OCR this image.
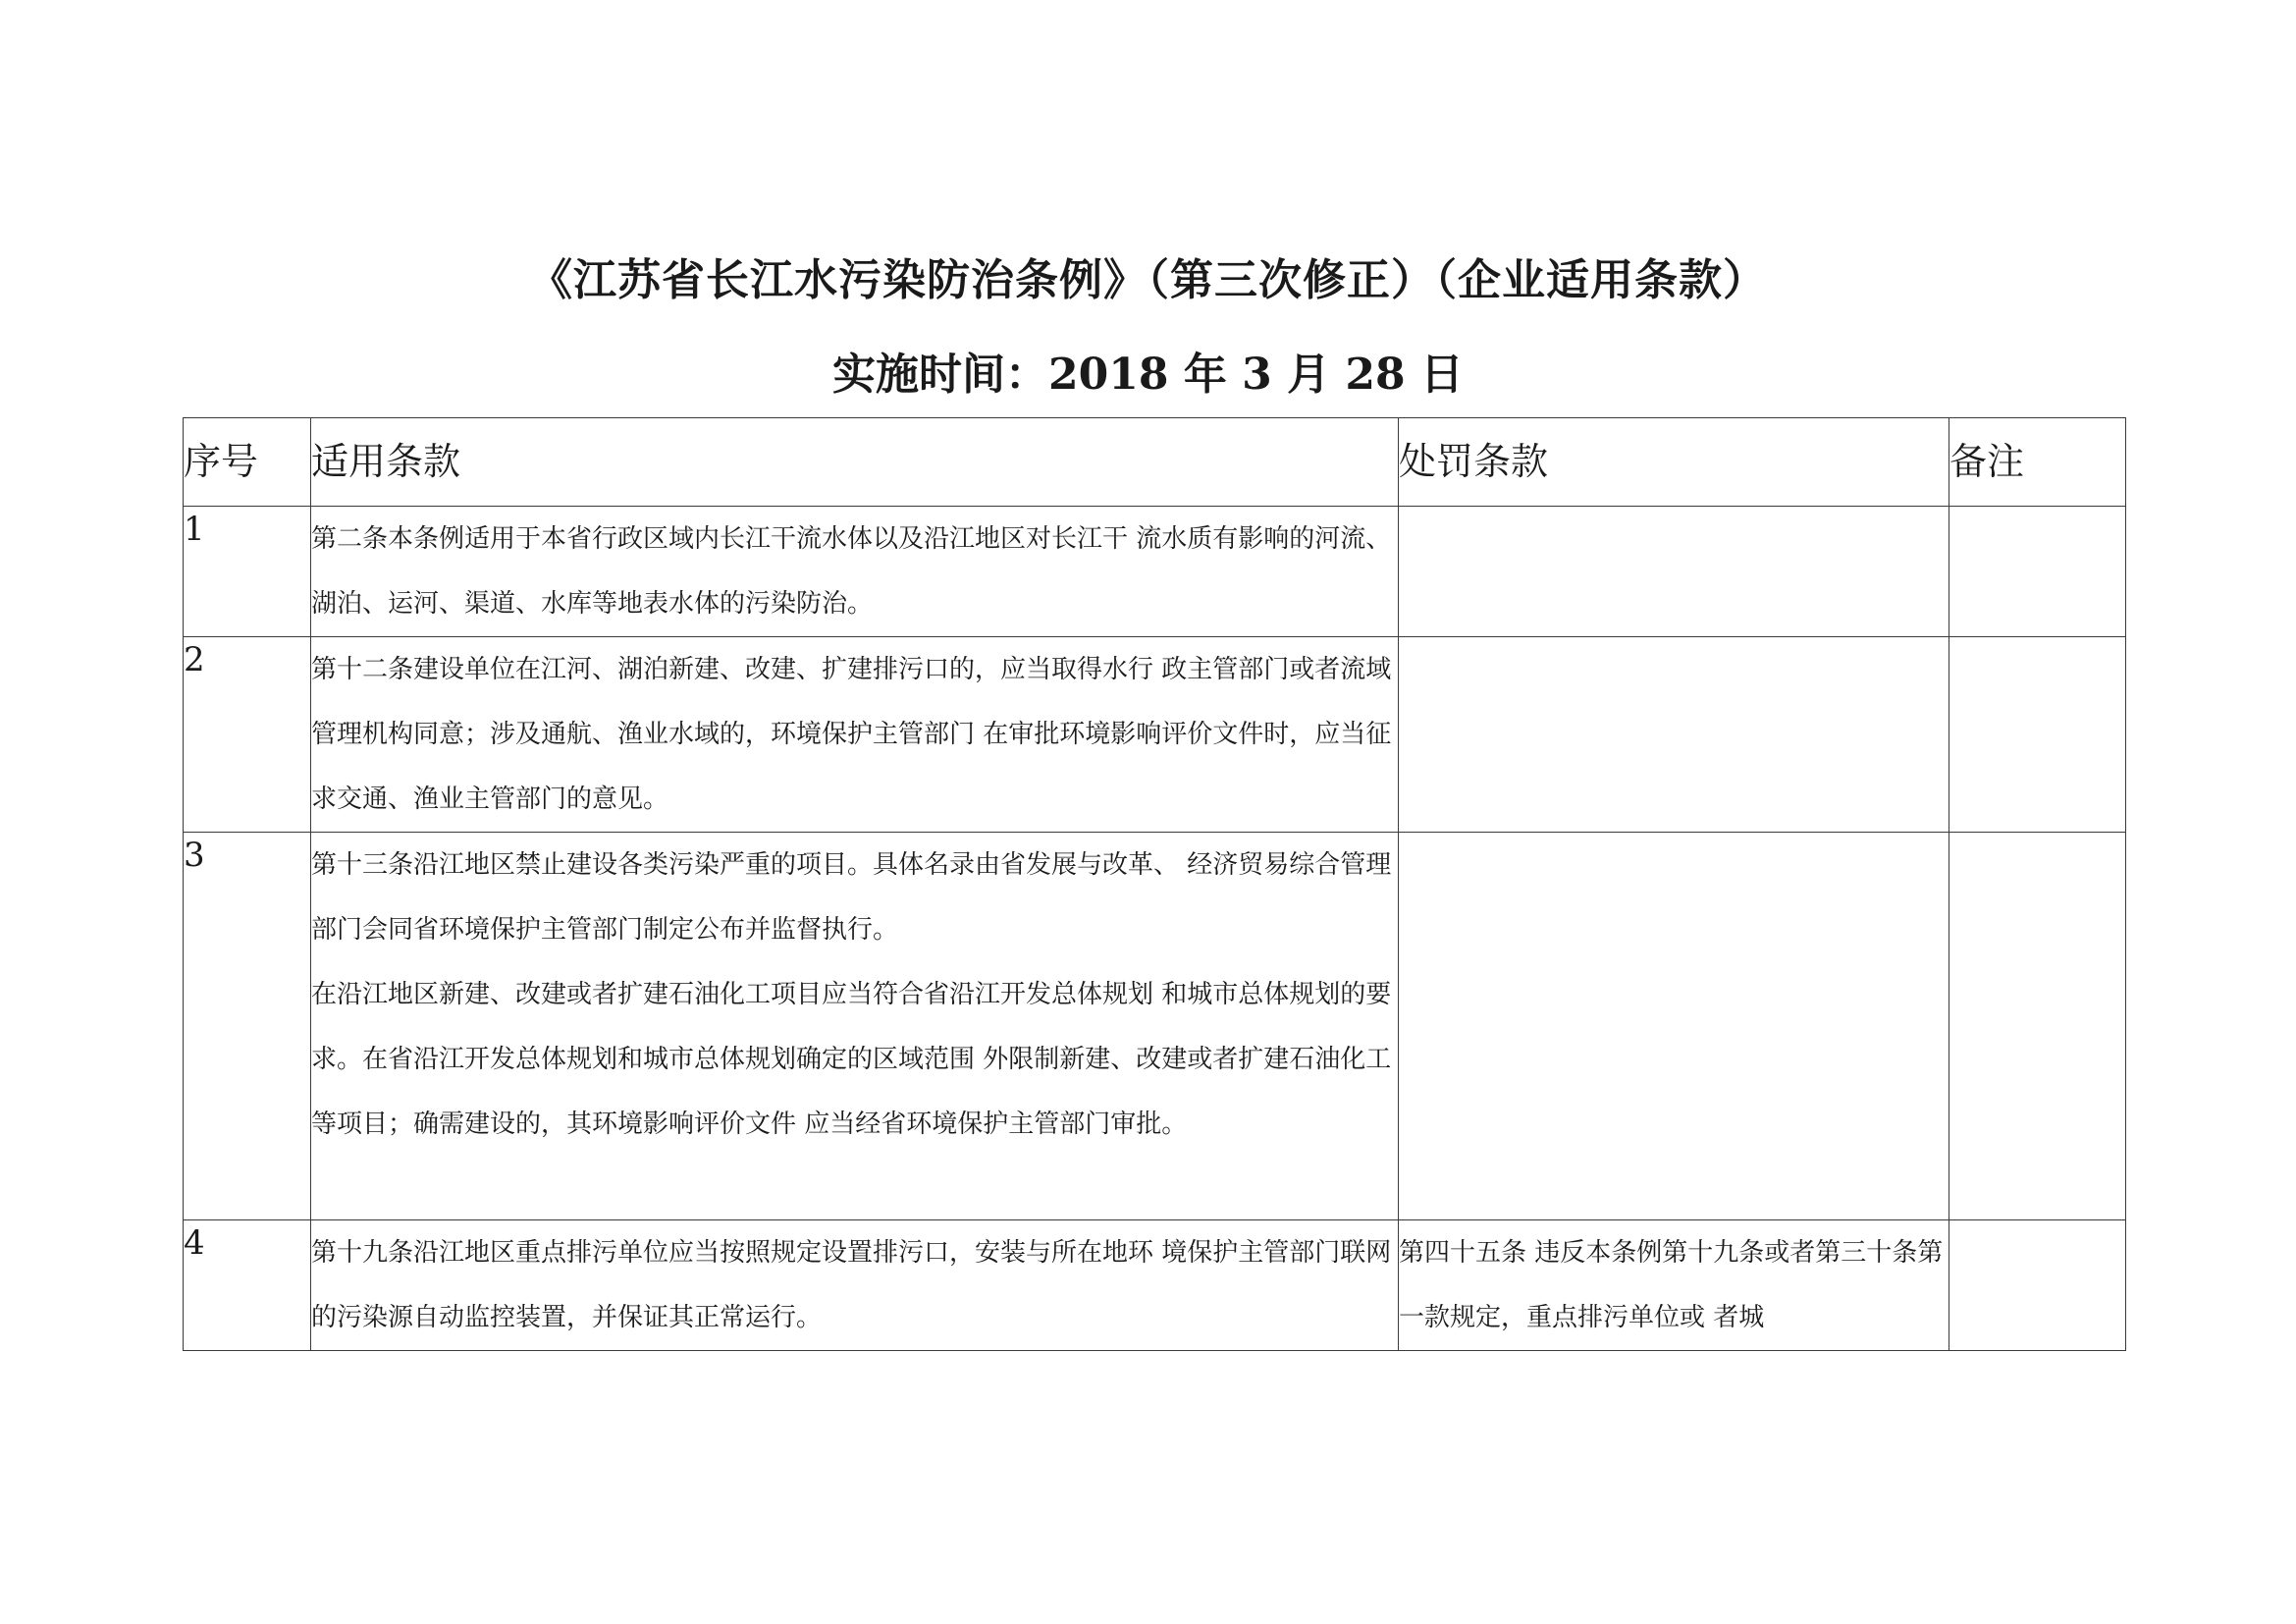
《江苏省长江水污染防治条例》（第三次修正）（企业适用条款）
实施时间：2018 年 3 月 28 日
序号	适用条款	处罚条款	备注
1	第二条本条例适用于本省行政区域内长江干流水体以及沿江地区对长江干 流水质有影响的河流、湖泊、运河、渠道、水库等地表水体的污染防治。		

2	第十二条建设单位在江河、湖泊新建、改建、扩建排污口的，应当取得水行 政主管部门或者流域管理机构同意；涉及通航、渔业水域的，环境保护主管部门 在审批环境影响评价文件时，应当征求交通、渔业主管部门的意见。		

3	第十三条沿江地区禁止建设各类污染严重的项目。具体名录由省发展与改革、 经济贸易综合管理部门会同省环境保护主管部门制定公布并监督执行。

在沿江地区新建、改建或者扩建石油化工项目应当符合省沿江开发总体规划 和城市总体规划的要求。在省沿江开发总体规划和城市总体规划确定的区域范围 外限制新建、改建或者扩建石油化工等项目；确需建设的，其环境影响评价文件 应当经省环境保护主管部门审批。		

4	第十九条沿江地区重点排污单位应当按照规定设置排污口，安装与所在地环 境保护主管部门联网的污染源自动监控装置，并保证其正常运行。	第四十五条 违反本条例第十九条或者第三十条第一款规定，重点排污单位或 者城	
